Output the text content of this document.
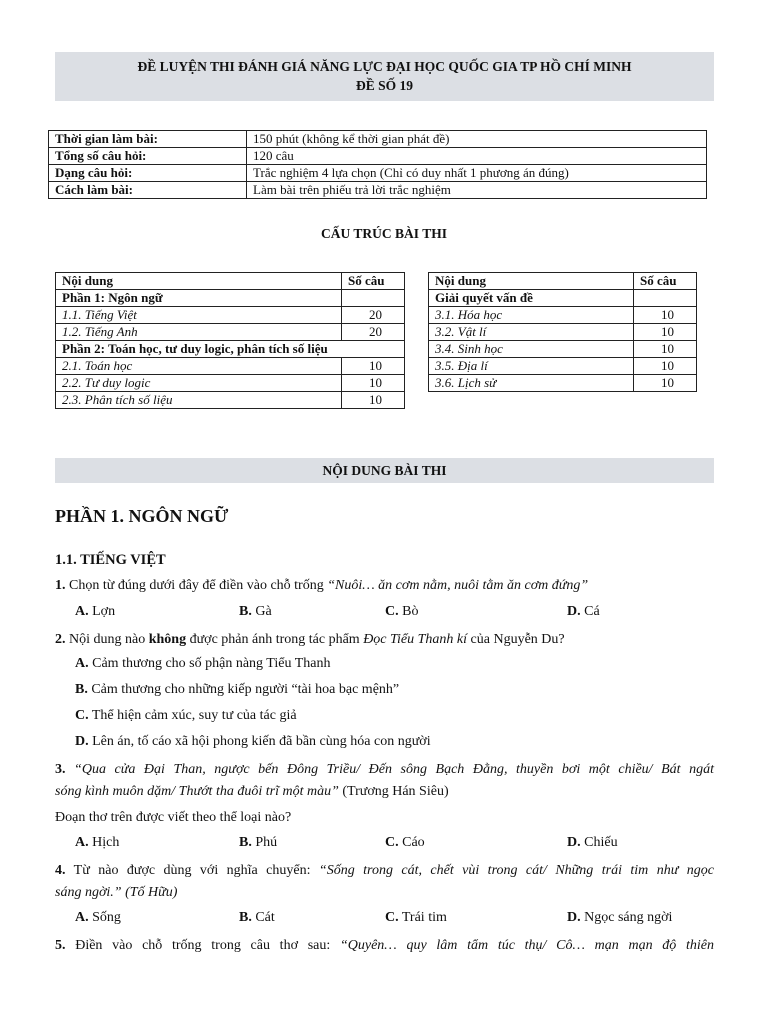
ĐỀ LUYỆN THI ĐÁNH GIÁ NĂNG LỰC ĐẠI HỌC QUỐC GIA TP HỒ CHÍ MINH
ĐỀ SỐ 19
Thời gian làm bài:	150 phút (không kể thời gian phát đề)
Tổng số câu hỏi:	120 câu
Dạng câu hỏi:	Trắc nghiệm 4 lựa chọn (Chỉ có duy nhất 1 phương án đúng)
Cách làm bài:	Làm bài trên phiếu trả lời trắc nghiệm
CẤU TRÚC BÀI THI
Nội dung	Số câu
Phần 1: Ngôn ngữ	
1.1. Tiếng Việt	20
1.2. Tiếng Anh	20
Phần 2: Toán học, tư duy logic, phân tích số liệu	
2.1. Toán học	10
2.2. Tư duy logic	10
2.3. Phân tích số liệu	10
Nội dung	Số câu
Giải quyết vấn đề	
3.1. Hóa học	10
3.2. Vật lí	10
3.4. Sinh học	10
3.5. Địa lí	10
3.6. Lịch sử	10
NỘI DUNG BÀI THI
PHẦN 1. NGÔN NGỮ
1.1. TIẾNG VIỆT
1. Chọn từ đúng dưới đây để điền vào chỗ trống “Nuôi… ăn cơm nằm, nuôi tằm ăn cơm đứng”
A. Lợn	B. Gà	C. Bò	D. Cá
2. Nội dung nào không được phản ánh trong tác phẩm Đọc Tiểu Thanh kí của Nguyễn Du?
A. Cảm thương cho số phận nàng Tiểu Thanh
B. Cảm thương cho những kiếp người “tài hoa bạc mệnh”
C. Thể hiện cảm xúc, suy tư của tác giả
D. Lên án, tố cáo xã hội phong kiến đã bần cùng hóa con người
3. “Qua cửa Đại Than, ngược bến Đông Triều/ Đến sông Bạch Đằng, thuyền bơi một chiều/ Bát ngát
sóng kình muôn dặm/ Thướt tha đuôi trĩ một màu” (Trương Hán Siêu)
Đoạn thơ trên được viết theo thể loại nào?
A. Hịch	B. Phú	C. Cáo	D. Chiếu
4. Từ nào được dùng với nghĩa chuyển: “Sống trong cát, chết vùi trong cát/ Những trái tim như ngọc
sáng ngời.” (Tố Hữu)
A. Sống	B. Cát	C. Trái tim	D. Ngọc sáng ngời
5. Điền vào chỗ trống trong câu thơ sau: “Quyên… quy lâm tẩm túc thụ/ Cô… mạn mạn độ thiên
